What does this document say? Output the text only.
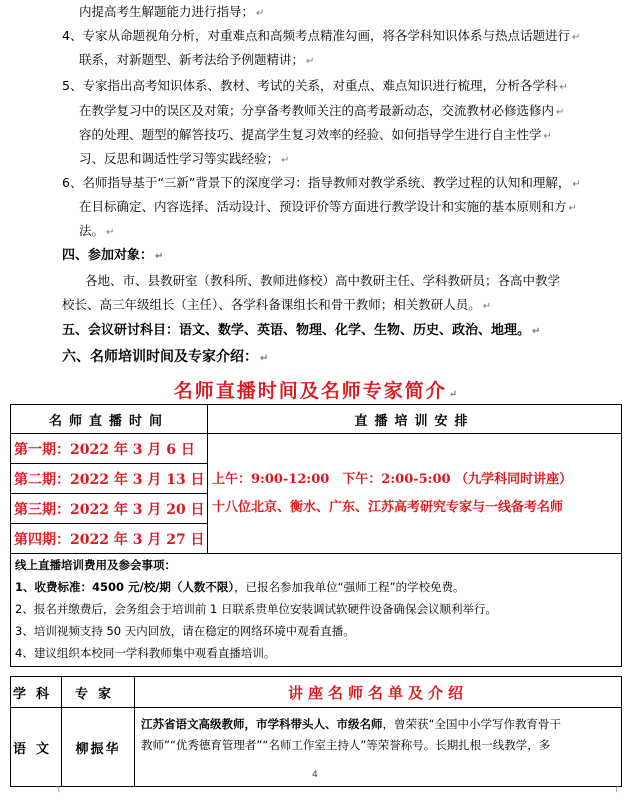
内提高考生解题能力进行指导； ↵
4、专家从命题视角分析，对重难点和高频考点精准勾画，将各学科知识体系与热点话题进行 ↵
联系，对新题型、新考法给予例题精讲； ↵
5、专家指出高考知识体系、教材、考试的关系，对重点、难点知识进行梳理，分析各学科 ↵
在教学复习中的误区及对策；分享备考教师关注的高考最新动态，交流教材必修选修内 ↵
容的处理、题型的解答技巧、提高学生复习效率的经验、如何指导学生进行自主性学 ↵
习、反思和调适性学习等实践经验； ↵
6、名师指导基于“三新”背景下的深度学习：指导教师对教学系统、教学过程的认知和理解， ↵
在目标确定、内容选择、活动设计、预设评价等方面进行教学设计和实施的基本原则和方 ↵
法。 ↵
四、参加对象： ↵
各地、市、县教研室（教科所、教师进修校）高中教研主任、学科教研员；各高中教学
校长、高三年级组长（主任）、各学科备课组长和骨干教师；相关教研人员。 ↵
五、会议研讨科目：语文、数学、英语、物理、化学、生物、历史、政治、地理。 ↵
六、名师培训时间及专家介绍： ↵
名师直播时间及名师专家简介 ↵
名师直播时间	直播培训安排
第一期：2022 年 3 月 6 日	上午：9:00-12:00　下午：2:00-5:00 （九学科同时讲座）
十八位北京、衡水、广东、江苏高考研究专家与一线备考名师

第二期：2022 年 3 月 13 日	
第三期：2022 年 3 月 20 日	
第四期：2022 年 3 月 27 日	

线上直播培训费用及参会事项：
1、收费标准：4500 元/校/期（人数不限），已报名参加我单位“强师工程”的学校免费。
2、报名并缴费后，会务组会于培训前 1 日联系贵单位安装调试软硬件设备确保会议顺利举行。
3、培训视频支持 50 天内回放，请在稳定的网络环境中观看直播。
4、建议组织本校同一学科教师集中观看直播培训。	
学科	专家	讲座名师名单及介绍
语文	柳振华	江苏省语文高级教师，市学科带头人、市级名师，曾荣获“全国中小学写作教育骨干
教师”“优秀德育管理者”“名师工作室主持人”等荣誉称号。长期扎根一线教学，多
4
┐	┌
